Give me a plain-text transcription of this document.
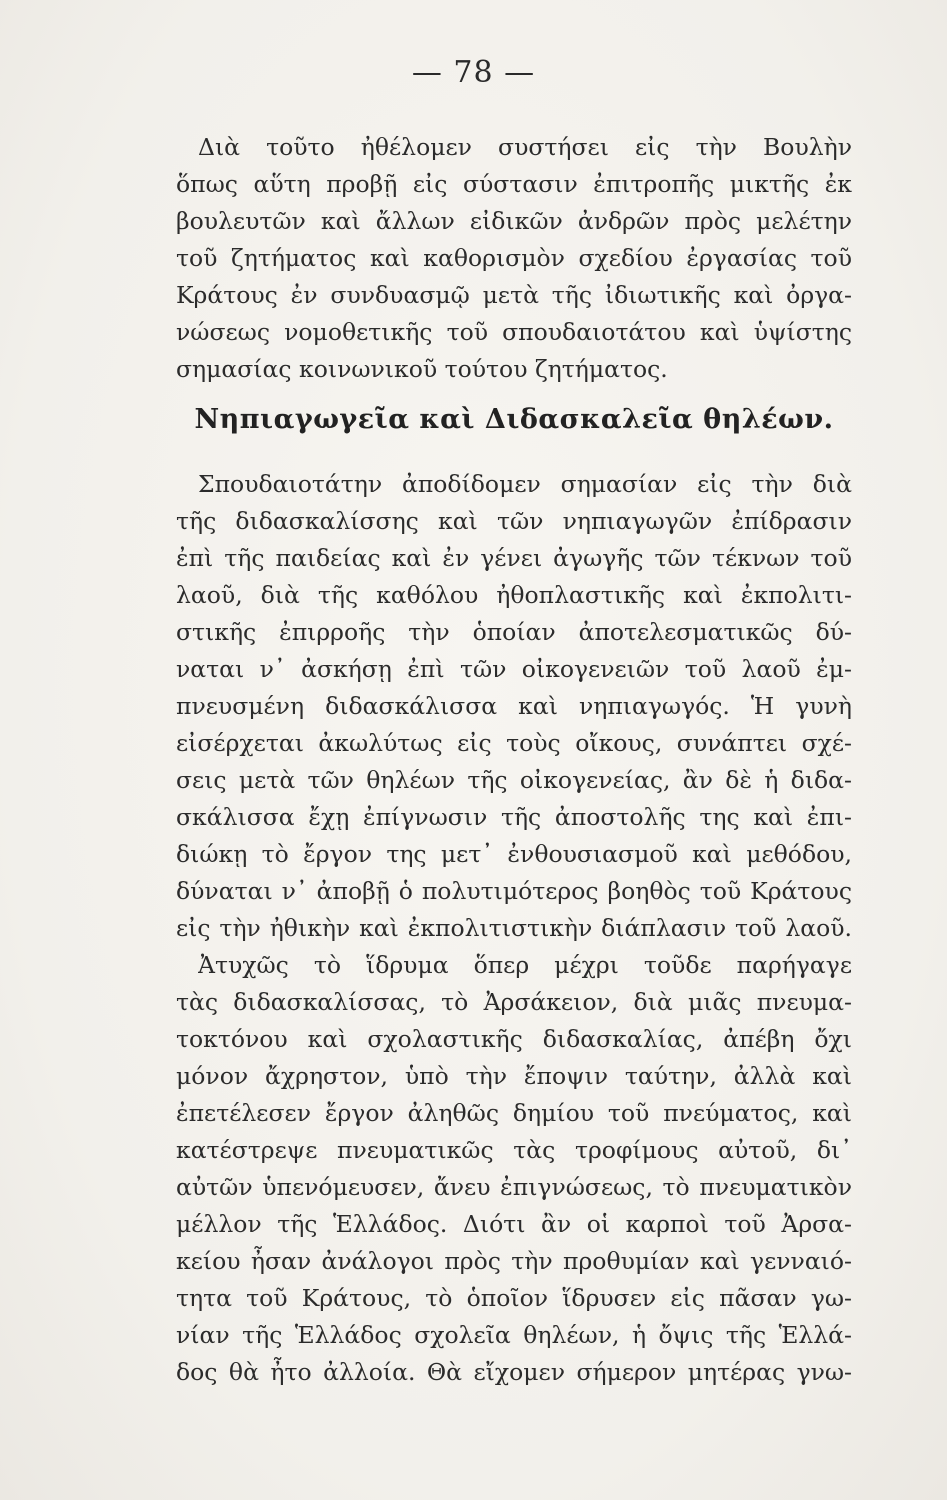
— 78 —
Διὰ τοῦτο ἠθέλομεν συστήσει εἰς τὴν Βουλὴν
ὅπως αὕτη προβῇ εἰς σύστασιν ἐπιτροπῆς μικτῆς ἐκ
βουλευτῶν καὶ ἄλλων εἰδικῶν ἀνδρῶν πρὸς μελέτην
τοῦ ζητήματος καὶ καθορισμὸν σχεδίου ἐργασίας τοῦ
Κράτους ἐν συνδυασμῷ μετὰ τῆς ἰδιωτικῆς καὶ ὀργα-
νώσεως νομοθετικῆς τοῦ σπουδαιοτάτου καὶ ὑψίστης
σημασίας κοινωνικοῦ τούτου ζητήματος.
Νηπιαγωγεῖα καὶ Διδασκαλεῖα θηλέων.
Σπουδαιοτάτην ἀποδίδομεν σημασίαν εἰς τὴν διὰ
τῆς διδασκαλίσσης καὶ τῶν νηπιαγωγῶν ἐπίδρασιν
ἐπὶ τῆς παιδείας καὶ ἐν γένει ἀγωγῆς τῶν τέκνων τοῦ
λαοῦ, διὰ τῆς καθόλου ἠθοπλαστικῆς καὶ ἐκπολιτι-
στικῆς ἐπιρροῆς τὴν ὁποίαν ἀποτελεσματικῶς δύ-
ναται ν᾽ ἀσκήσῃ ἐπὶ τῶν οἰκογενειῶν τοῦ λαοῦ ἐμ-
πνευσμένη διδασκάλισσα καὶ νηπιαγωγός. Ἡ γυνὴ
εἰσέρχεται ἀκωλύτως εἰς τοὺς οἴκους, συνάπτει σχέ-
σεις μετὰ τῶν θηλέων τῆς οἰκογενείας, ἂν δὲ ἡ διδα-
σκάλισσα ἔχῃ ἐπίγνωσιν τῆς ἀποστολῆς της καὶ ἐπι-
διώκῃ τὸ ἔργον της μετ᾽ ἐνθουσιασμοῦ καὶ μεθόδου,
δύναται ν᾽ ἀποβῇ ὁ πολυτιμότερος βοηθὸς τοῦ Κράτους
εἰς τὴν ἠθικὴν καὶ ἐκπολιτιστικὴν διάπλασιν τοῦ λαοῦ.
Ἀτυχῶς τὸ ἵδρυμα ὅπερ μέχρι τοῦδε παρήγαγε
τὰς διδασκαλίσσας, τὸ Ἀρσάκειον, διὰ μιᾶς πνευμα-
τοκτόνου καὶ σχολαστικῆς διδασκαλίας, ἀπέβη ὄχι
μόνον ἄχρηστον, ὑπὸ τὴν ἔποψιν ταύτην, ἀλλὰ καὶ
ἐπετέλεσεν ἔργον ἀληθῶς δημίου τοῦ πνεύματος, καὶ
κατέστρεψε πνευματικῶς τὰς τροφίμους αὐτοῦ, δι᾽
αὐτῶν ὑπενόμευσεν, ἄνευ ἐπιγνώσεως, τὸ πνευματικὸν
μέλλον τῆς Ἑλλάδος. Διότι ἂν οἱ καρποὶ τοῦ Ἀρσα-
κείου ἦσαν ἀνάλογοι πρὸς τὴν προθυμίαν καὶ γενναιό-
τητα τοῦ Κράτους, τὸ ὁποῖον ἵδρυσεν εἰς πᾶσαν γω-
νίαν τῆς Ἑλλάδος σχολεῖα θηλέων, ἡ ὄψις τῆς Ἑλλά-
δος θὰ ἦτο ἀλλοία. Θὰ εἴχομεν σήμερον μητέρας γνω-
